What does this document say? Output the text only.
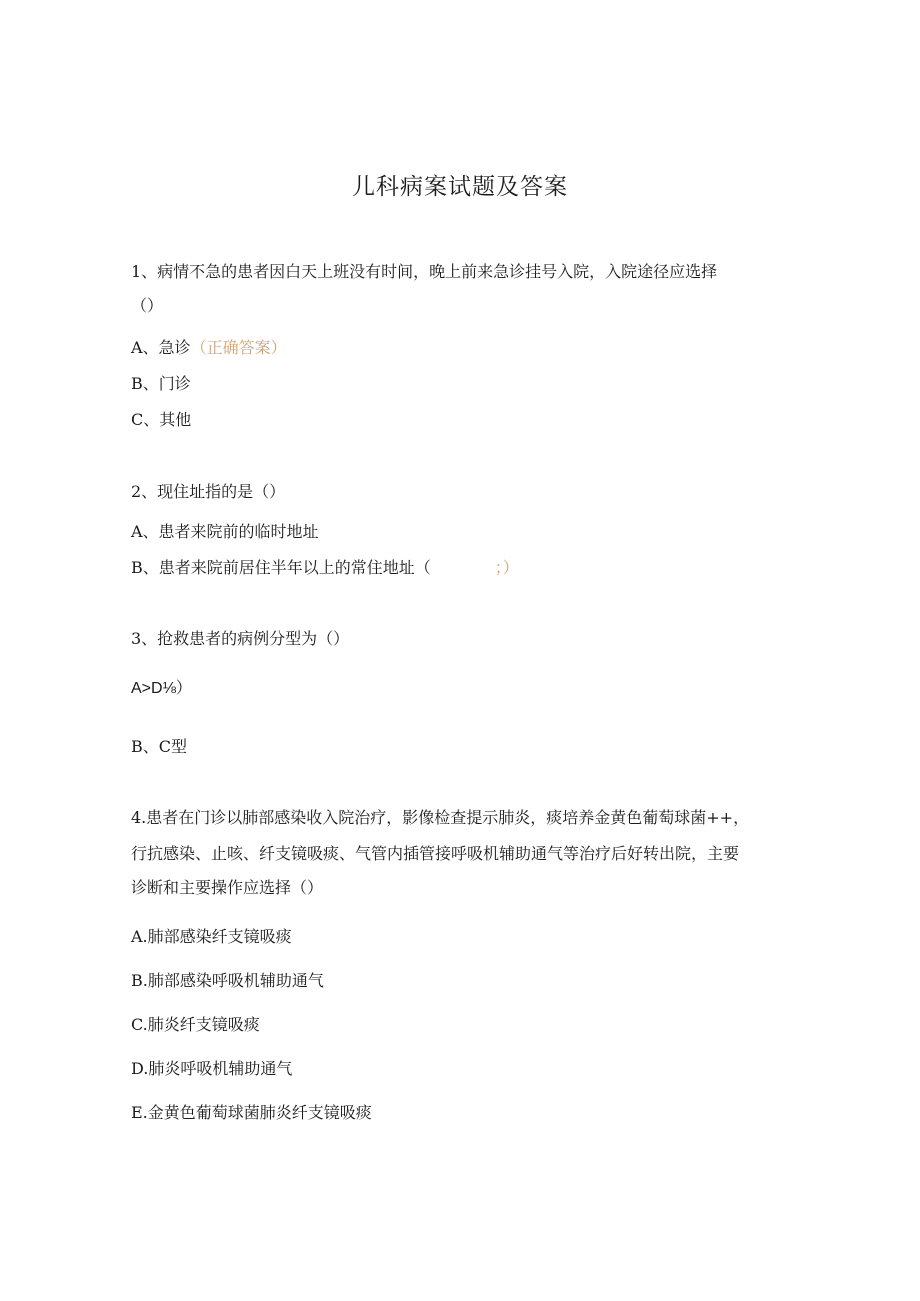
儿科病案试题及答案
1、病情不急的患者因白天上班没有时间，晚上前来急诊挂号入院，入院途径应选择
（）
A、急诊（正确答案）
B、门诊
C、其他
2、现住址指的是（）
A、患者来院前的临时地址
B、患者来院前居住半年以上的常住地址（	；）
3、抢救患者的病例分型为（）
A>D⅛）
B、C型
4.患者在门诊以肺部感染收入院治疗，影像检查提示肺炎，痰培养金黄色葡萄球菌++，
行抗感染、止咳、纤支镜吸痰、气管内插管接呼吸机辅助通气等治疗后好转出院，主要
诊断和主要操作应选择（）
A.肺部感染纤支镜吸痰
B.肺部感染呼吸机辅助通气
C.肺炎纤支镜吸痰
D.肺炎呼吸机辅助通气
E.金黄色葡萄球菌肺炎纤支镜吸痰
